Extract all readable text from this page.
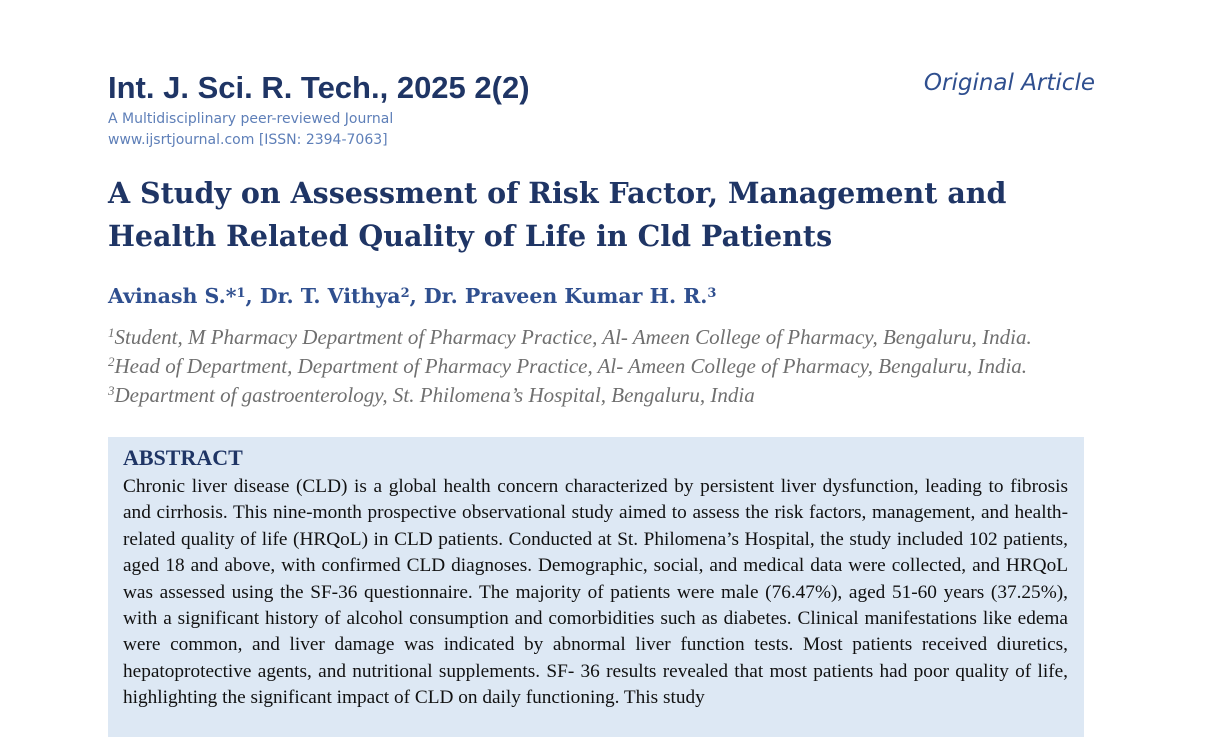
Int. J. Sci. R. Tech., 2025 2(2)	Original Article
A Multidisciplinary peer-reviewed Journal
www.ijsrtjournal.com [ISSN: 2394-7063]
A Study on Assessment of Risk Factor, Management and Health Related Quality of Life in Cld Patients
Avinash S.*$^1$, Dr. T. Vithya$^2$, Dr. Praveen Kumar H. R.$^3$
$^1$Student, M Pharmacy Department of Pharmacy Practice, Al- Ameen College of Pharmacy, Bengaluru, India.
$^2$Head of Department, Department of Pharmacy Practice, Al- Ameen College of Pharmacy, Bengaluru, India.
$^3$Department of gastroenterology, St. Philomena’s Hospital, Bengaluru, India
ABSTRACT

Chronic liver disease (CLD) is a global health concern characterized by persistent liver dysfunction, leading to fibrosis and cirrhosis. This nine-month prospective observational study aimed to assess the risk factors, management, and health-related quality of life (HRQoL) in CLD patients. Conducted at St. Philomena’s Hospital, the study included 102 patients, aged 18 and above, with confirmed CLD diagnoses. Demographic, social, and medical data were collected, and HRQoL was assessed using the SF-36 questionnaire. The majority of patients were male (76.47%), aged 51-60 years (37.25%), with a significant history of alcohol consumption and comorbidities such as diabetes. Clinical manifestations like edema were common, and liver damage was indicated by abnormal liver function tests. Most patients received diuretics, hepatoprotective agents, and nutritional supplements. SF- 36 results revealed that most patients had poor quality of life, highlighting the significant impact of CLD on daily functioning. This study
